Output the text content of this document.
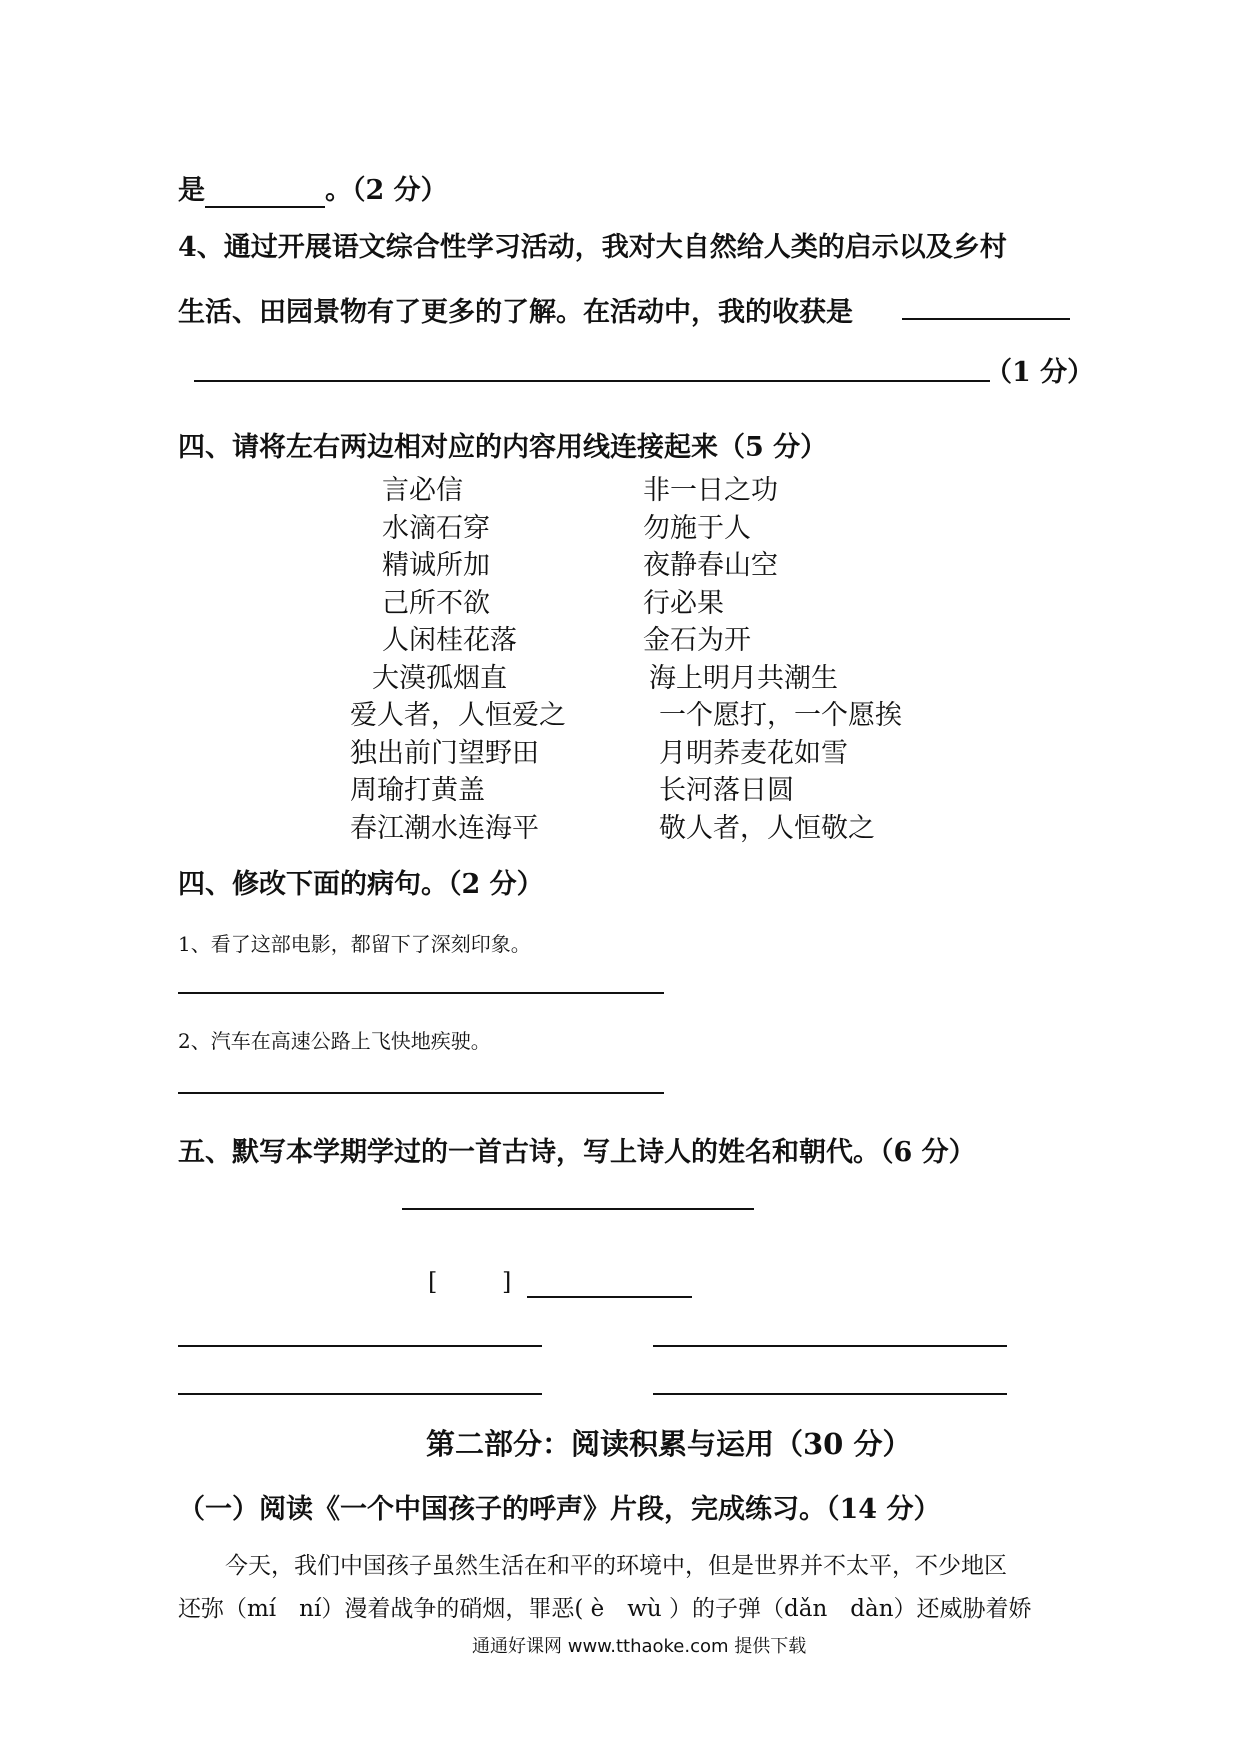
是	。（2 分）
4、通过开展语文综合性学习活动，我对大自然给人类的启示以及乡村
生活、田园景物有了更多的了解。在活动中，我的收获是
（1 分）
四、请将左右两边相对应的内容用线连接起来（5 分）
言必信
水滴石穿
精诚所加
己所不欲
人闲桂花落
大漠孤烟直
爱人者，人恒爱之
独出前门望野田
周瑜打黄盖
春江潮水连海平
非一日之功
勿施于人
夜静春山空
行必果
金石为开
海上明月共潮生
一个愿打，一个愿挨
月明荞麦花如雪
长河落日圆
敬人者，人恒敬之
四、修改下面的病句。（2 分）
1、看了这部电影，都留下了深刻印象。
2、汽车在高速公路上飞快地疾驶。
五、默写本学期学过的一首古诗，写上诗人的姓名和朝代。（6 分）
[	]
第二部分：阅读积累与运用（30 分）
（一）阅读《一个中国孩子的呼声》片段，完成练习。（14 分）
今天，我们中国孩子虽然生活在和平的环境中，但是世界并不太平，不少地区
还弥（mí　ní）漫着战争的硝烟，罪恶( è　wù ）的子弹（dǎn　dàn）还威胁着娇
通通好课网 www.tthaoke.com 提供下载
